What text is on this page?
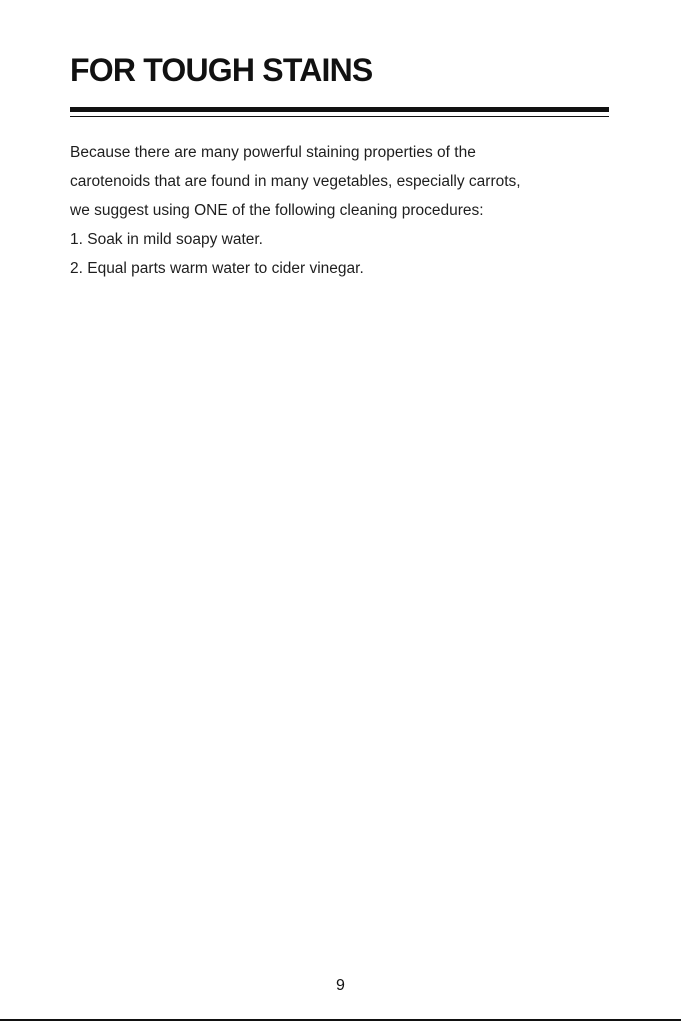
FOR TOUGH STAINS
Because there are many powerful staining properties of the
carotenoids that are found in many vegetables, especially carrots,
we suggest using ONE of the following cleaning procedures:
1. Soak in mild soapy water.
2. Equal parts warm water to cider vinegar.
9
